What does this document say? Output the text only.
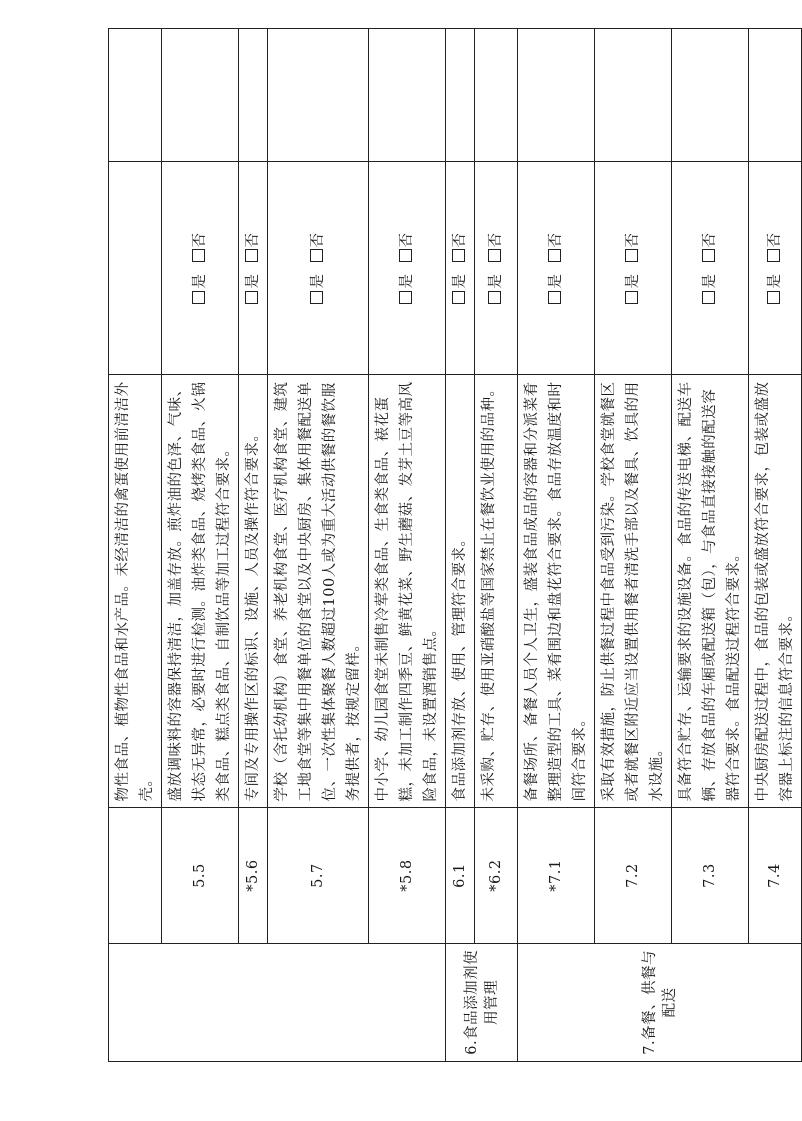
		物性食品、植物性食品和水产品。未经清洁的禽蛋使用前清洁外壳。		
	5.5	盛放调味料的容器保持清洁，加盖存放。煎炸油的色泽、气味、状态无异常，必要时进行检测。油炸类食品、烧烤类食品、火锅类食品、糕点类食品、自制饮品等加工过程符合要求。	是 否	
	*5.6	专间及专用操作区的标识、设施、人员及操作符合要求。	是 否	
	5.7	学校（含托幼机构）食堂、养老机构食堂、医疗机构食堂、建筑工地食堂等集中用餐单位的食堂以及中央厨房、集体用餐配送单位、一次性集体聚餐人数超过100人或为重大活动供餐的餐饮服务提供者，按规定留样。	是 否	
	*5.8	中小学、幼儿园食堂未制售冷荤类食品、生食类食品、裱花蛋糕，未加工制作四季豆、鲜黄花菜、野生蘑菇、发芽土豆等高风险食品，未设置酒销售点。	是 否	
6.食品添加剂使用管理	6.1	食品添加剂存放、使用、管理符合要求。	是 否	
	*6.2	未采购、贮存、使用亚硝酸盐等国家禁止在餐饮业使用的品种。	是 否	
7.备餐、供餐与配送	*7.1	备餐场所、备餐人员个人卫生，盛装食品成品的容器和分派菜肴整理造型的工具、菜肴围边和盘花符合要求。食品存放温度和时间符合要求。	是 否	
	7.2	采取有效措施，防止供餐过程中食品受到污染。学校食堂就餐区或者就餐区附近应当设置供用餐者清洗手部以及餐具、饮具的用水设施。	是 否	
	7.3	具备符合贮存、运输要求的设施设备。食品的传送电梯、配送车辆、存放食品的车厢或配送箱（包），与食品直接接触的配送容器符合要求。食品配送过程符合要求。	是 否	
	7.4	中央厨房配送过程中，食品的包装或盛放符合要求，包装或盛放容器上标注的信息符合要求。	是 否	
